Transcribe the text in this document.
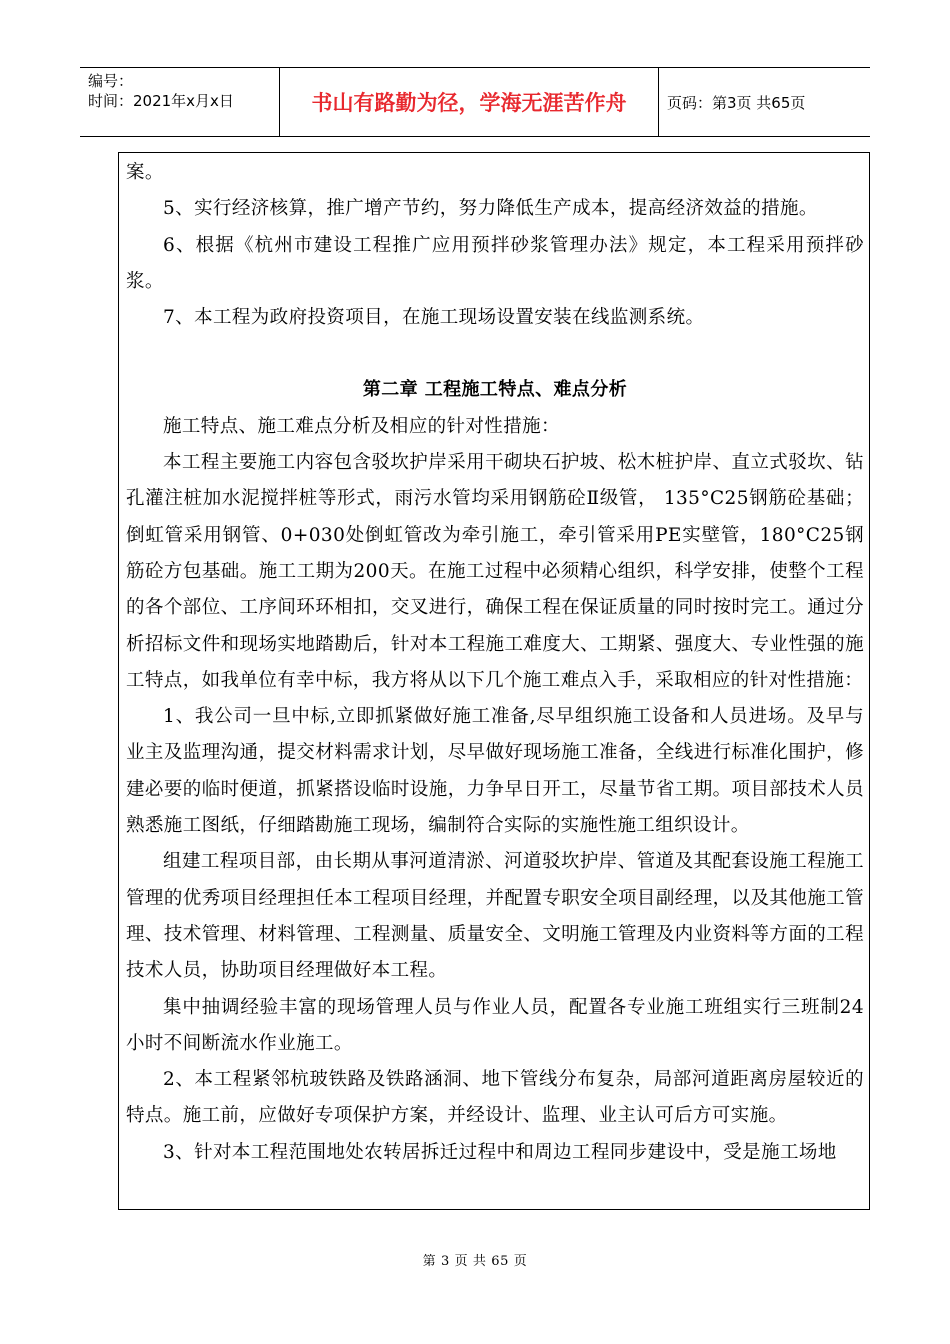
编号：
时间：2021年x月x日	书山有路勤为径，学海无涯苦作舟	页码：第3页 共65页

案。

5、实行经济核算，推广增产节约，努力降低生产成本，提高经济效益的措施。

6、根据《杭州市建设工程推广应用预拌砂浆管理办法》规定，本工程采用预拌砂浆。

7、本工程为政府投资项目，在施工现场设置安装在线监测系统。

第二章 工程施工特点、难点分析

施工特点、施工难点分析及相应的针对性措施：

本工程主要施工内容包含驳坎护岸采用干砌块石护坡、松木桩护岸、直立式驳坎、钻孔灌注桩加水泥搅拌桩等形式，雨污水管均采用钢筋砼Ⅱ级管， 135°C25钢筋砼基础；倒虹管采用钢管、0+030处倒虹管改为牵引施工，牵引管采用PE实壁管，180°C25钢筋砼方包基础。施工工期为200天。在施工过程中必须精心组织，科学安排，使整个工程的各个部位、工序间环环相扣，交叉进行，确保工程在保证质量的同时按时完工。通过分析招标文件和现场实地踏勘后，针对本工程施工难度大、工期紧、强度大、专业性强的施工特点，如我单位有幸中标，我方将从以下几个施工难点入手，采取相应的针对性措施：

1、我公司一旦中标,立即抓紧做好施工准备,尽早组织施工设备和人员进场。及早与业主及监理沟通，提交材料需求计划，尽早做好现场施工准备，全线进行标准化围护，修建必要的临时便道，抓紧搭设临时设施，力争早日开工，尽量节省工期。项目部技术人员熟悉施工图纸，仔细踏勘施工现场，编制符合实际的实施性施工组织设计。

组建工程项目部，由长期从事河道清淤、河道驳坎护岸、管道及其配套设施工程施工管理的优秀项目经理担任本工程项目经理，并配置专职安全项目副经理，以及其他施工管理、技术管理、材料管理、工程测量、质量安全、文明施工管理及内业资料等方面的工程技术人员，协助项目经理做好本工程。

集中抽调经验丰富的现场管理人员与作业人员，配置各专业施工班组实行三班制24小时不间断流水作业施工。

2、本工程紧邻杭玻铁路及铁路涵洞、地下管线分布复杂，局部河道距离房屋较近的特点。施工前，应做好专项保护方案，并经设计、监理、业主认可后方可实施。

3、针对本工程范围地处农转居拆迁过程中和周边工程同步建设中，受是施工场地

第 3 页 共 65 页
